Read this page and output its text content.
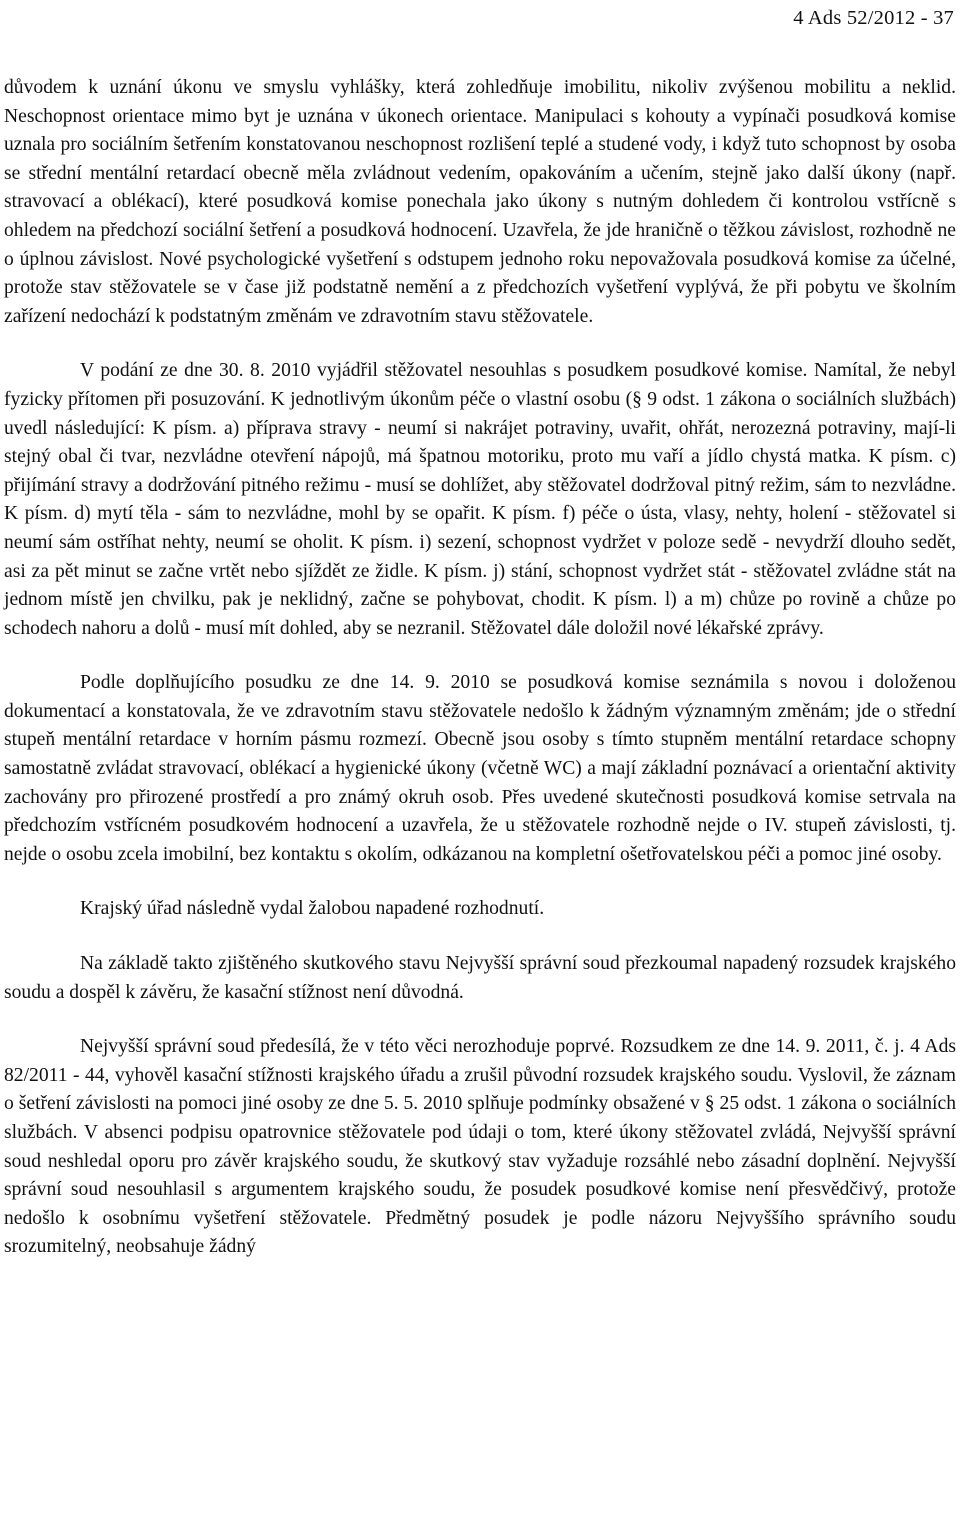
4 Ads 52/2012 - 37

důvodem k uznání úkonu ve smyslu vyhlášky, která zohledňuje imobilitu, nikoliv zvýšenou mobilitu a neklid. Neschopnost orientace mimo byt je uznána v úkonech orientace. Manipulaci s kohouty a vypínači posudková komise uznala pro sociálním šetřením konstatovanou neschopnost rozlišení teplé a studené vody, i když tuto schopnost by osoba se střední mentální retardací obecně měla zvládnout vedením, opakováním a učením, stejně jako další úkony (např. stravovací a oblékací), které posudková komise ponechala jako úkony s nutným dohledem či kontrolou vstřícně s ohledem na předchozí sociální šetření a posudková hodnocení. Uzavřela, že jde hraničně o těžkou závislost, rozhodně ne o úplnou závislost. Nové psychologické vyšetření s odstupem jednoho roku nepovažovala posudková komise za účelné, protože stav stěžovatele se v čase již podstatně nemění a z předchozích vyšetření vyplývá, že při pobytu ve školním zařízení nedochází k podstatným změnám ve zdravotním stavu stěžovatele.

V podání ze dne 30. 8. 2010 vyjádřil stěžovatel nesouhlas s posudkem posudkové komise. Namítal, že nebyl fyzicky přítomen při posuzování. K jednotlivým úkonům péče o vlastní osobu (§ 9 odst. 1 zákona o sociálních službách) uvedl následující: K písm. a) příprava stravy - neumí si nakrájet potraviny, uvařit, ohřát, nerozezná potraviny, mají-li stejný obal či tvar, nezvládne otevření nápojů, má špatnou motoriku, proto mu vaří a jídlo chystá matka. K písm. c) přijímání stravy a dodržování pitného režimu - musí se dohlížet, aby stěžovatel dodržoval pitný režim, sám to nezvládne. K písm. d) mytí těla - sám to nezvládne, mohl by se opařit. K písm. f) péče o ústa, vlasy, nehty, holení - stěžovatel si neumí sám ostříhat nehty, neumí se oholit. K písm. i) sezení, schopnost vydržet v poloze sedě - nevydrží dlouho sedět, asi za pět minut se začne vrtět nebo sjíždět ze židle. K písm. j) stání, schopnost vydržet stát - stěžovatel zvládne stát na jednom místě jen chvilku, pak je neklidný, začne se pohybovat, chodit. K písm. l) a m) chůze po rovině a chůze po schodech nahoru a dolů - musí mít dohled, aby se nezranil. Stěžovatel dále doložil nové lékařské zprávy.

Podle doplňujícího posudku ze dne 14. 9. 2010 se posudková komise seznámila s novou i doloženou dokumentací a konstatovala, že ve zdravotním stavu stěžovatele nedošlo k žádným významným změnám; jde o střední stupeň mentální retardace v horním pásmu rozmezí. Obecně jsou osoby s tímto stupněm mentální retardace schopny samostatně zvládat stravovací, oblékací a hygienické úkony (včetně WC) a mají základní poznávací a orientační aktivity zachovány pro přirozené prostředí a pro známý okruh osob. Přes uvedené skutečnosti posudková komise setrvala na předchozím vstřícném posudkovém hodnocení a uzavřela, že u stěžovatele rozhodně nejde o IV. stupeň závislosti, tj. nejde o osobu zcela imobilní, bez kontaktu s okolím, odkázanou na kompletní ošetřovatelskou péči a pomoc jiné osoby.

Krajský úřad následně vydal žalobou napadené rozhodnutí.

Na základě takto zjištěného skutkového stavu Nejvyšší správní soud přezkoumal napadený rozsudek krajského soudu a dospěl k závěru, že kasační stížnost není důvodná.

Nejvyšší správní soud předesílá, že v této věci nerozhoduje poprvé. Rozsudkem ze dne 14. 9. 2011, č. j. 4 Ads 82/2011 - 44, vyhověl kasační stížnosti krajského úřadu a zrušil původní rozsudek krajského soudu. Vyslovil, že záznam o šetření závislosti na pomoci jiné osoby ze dne 5. 5. 2010 splňuje podmínky obsažené v § 25 odst. 1 zákona o sociálních službách. V absenci podpisu opatrovnice stěžovatele pod údaji o tom, které úkony stěžovatel zvládá, Nejvyšší správní soud neshledal oporu pro závěr krajského soudu, že skutkový stav vyžaduje rozsáhlé nebo zásadní doplnění. Nejvyšší správní soud nesouhlasil s argumentem krajského soudu, že posudek posudkové komise není přesvědčivý, protože nedošlo k osobnímu vyšetření stěžovatele. Předmětný posudek je podle názoru Nejvyššího správního soudu srozumitelný, neobsahuje žádný
